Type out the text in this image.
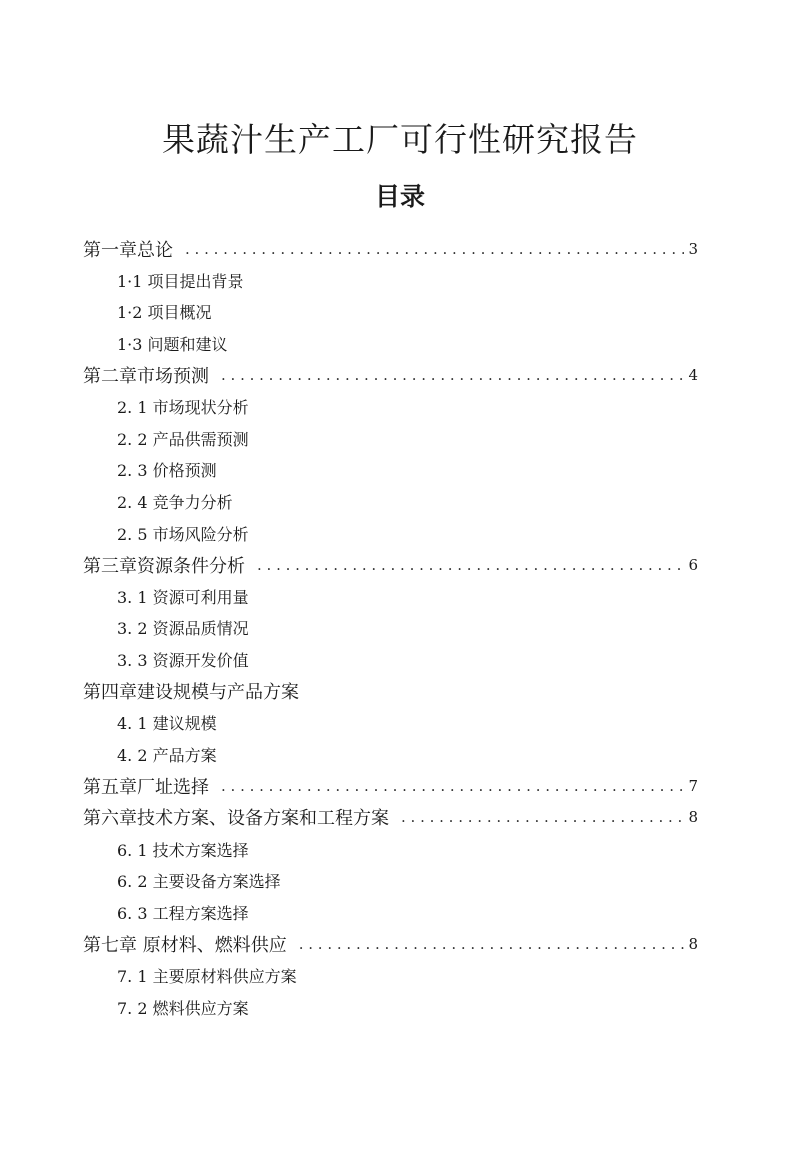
果蔬汁生产工厂可行性研究报告
目录
第一章总论 . . .	3
1·1 项目提出背景
1·2 项目概况
1·3 问题和建议
第二章市场预测 . . .	4
2. 1 市场现状分析
2. 2 产品供需预测
2. 3 价格预测
2. 4 竞争力分析
2. 5 市场风险分析
第三章资源条件分析 . . .	6
3. 1 资源可利用量
3. 2 资源品质情况
3. 3 资源开发价值
第四章建设规模与产品方案
4. 1 建议规模
4. 2 产品方案
第五章厂址选择 . . .	7
第六章技术方案、设备方案和工程方案 . . .	8
6. 1 技术方案选择
6. 2 主要设备方案选择
6. 3 工程方案选择
第七章 原材料、燃料供应 . . .	8
7. 1 主要原材料供应方案
7. 2 燃料供应方案
